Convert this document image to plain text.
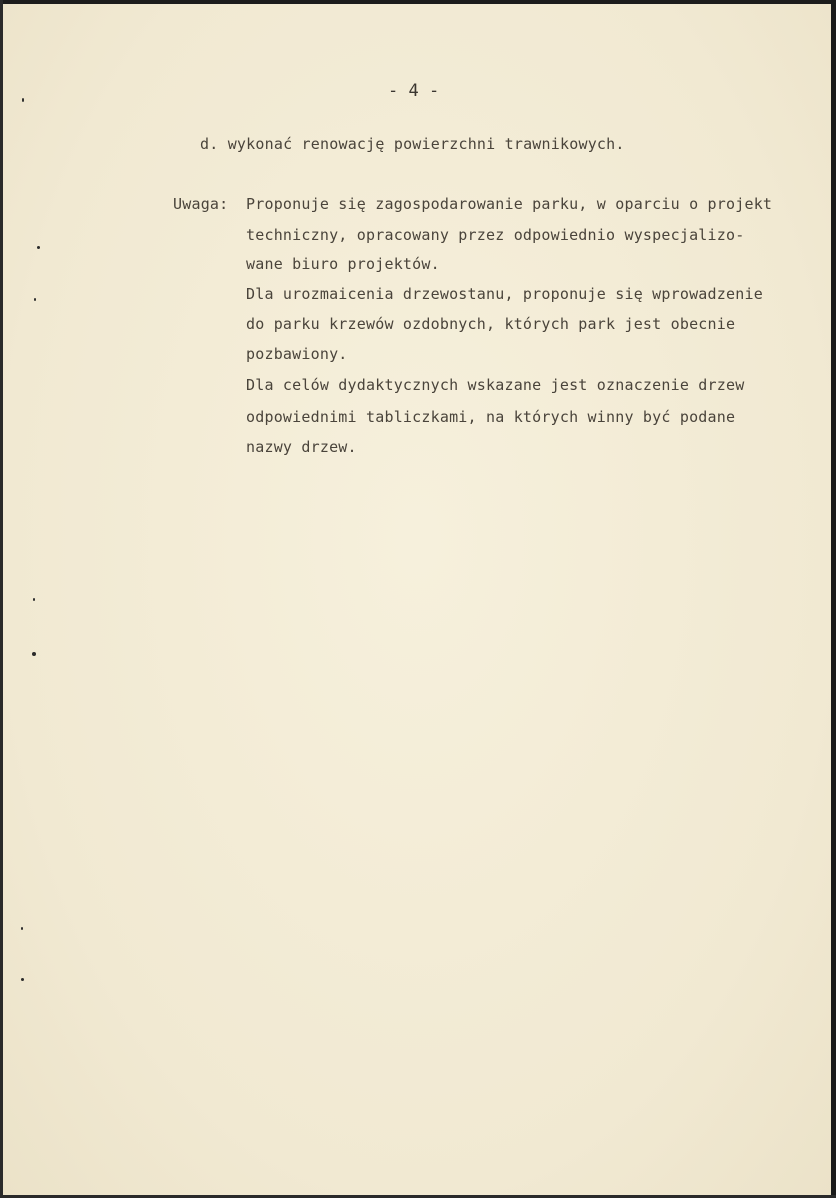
- 4 -
d. wykonać renowację powierzchni trawnikowych.
Uwaga: Proponuje się zagospodarowanie parku, w oparciu o projekt
techniczny, opracowany przez odpowiednio wyspecjalizo-
wane biuro projektów.
Dla urozmaicenia drzewostanu, proponuje się wprowadzenie
do parku krzewów ozdobnych, których park jest obecnie
pozbawiony.
Dla celów dydaktycznych wskazane jest oznaczenie drzew
odpowiednimi tabliczkami, na których winny być podane
nazwy drzew.
